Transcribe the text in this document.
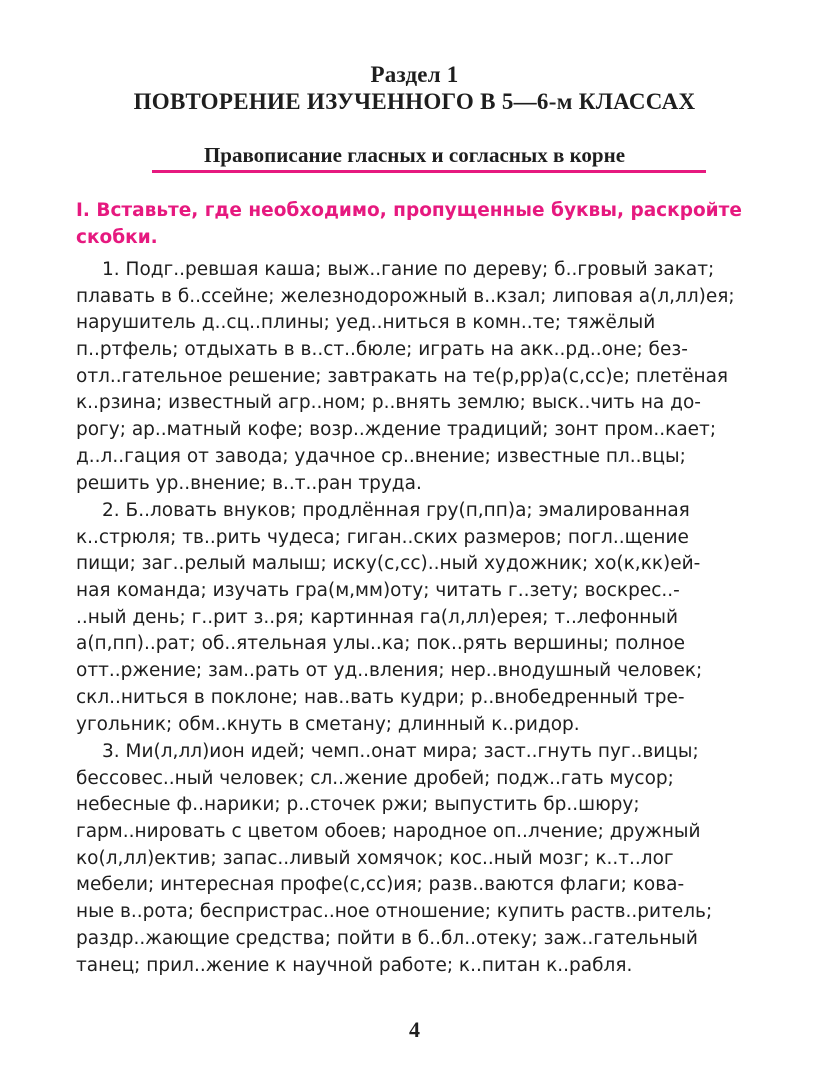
Раздел 1
ПОВТОРЕНИЕ ИЗУЧЕННОГО В 5—6-м КЛАССАХ
Правописание гласных и согласных в корне
I. Вставьте, где необходимо, пропущенные буквы, раскройте
скобки.
1. Подг..ревшая каша; выж..гание по дереву; б..гровый закат;
плавать в б..ссейне; железнодорожный в..кзал; липовая а(л,лл)ея;
нарушитель д..сц..плины; уед..ниться в комн..те; тяжёлый
п..ртфель; отдыхать в в..ст..бюле; играть на акк..рд..оне; без-
отл..гательное решение; завтракать на те(р,рр)а(с,сс)е; плетёная
к..рзина; известный агр..ном; р..внять землю; выск..чить на до-
рогу; ар..матный кофе; возр..ждение традиций; зонт пром..кает;
д..л..гация от завода; удачное ср..внение; известные пл..вцы;
решить ур..внение; в..т..ран труда.
2. Б..ловать внуков; продлённая гру(п,пп)а; эмалированная
к..стрюля; тв..рить чудеса; гиган..ских размеров; погл..щение
пищи; заг..релый малыш; иску(с,сс)..ный художник; хо(к,кк)ей-
ная команда; изучать гра(м,мм)оту; читать г..зету; воскрес..-
..ный день; г..рит з..ря; картинная га(л,лл)ерея; т..лефонный
а(п,пп)..рат; об..ятельная улы..ка; пок..рять вершины; полное
отт..ржение; зам..рать от уд..вления; нер..внодушный человек;
скл..ниться в поклоне; нав..вать кудри; р..внобедренный тре-
угольник; обм..кнуть в сметану; длинный к..ридор.
3. Ми(л,лл)ион идей; чемп..онат мира; заст..гнуть пуг..вицы;
бессовес..ный человек; сл..жение дробей; подж..гать мусор;
небесные ф..нарики; р..сточек ржи; выпустить бр..шюру;
гарм..нировать с цветом обоев; народное оп..лчение; дружный
ко(л,лл)ектив; запас..ливый хомячок; кос..ный мозг; к..т..лог
мебели; интересная профе(с,сс)ия; разв..ваются флаги; кова-
ные в..рота; беспристрас..ное отношение; купить раств..ритель;
раздр..жающие средства; пойти в б..бл..отеку; заж..гательный
танец; прил..жение к научной работе; к..питан к..рабля.
4
